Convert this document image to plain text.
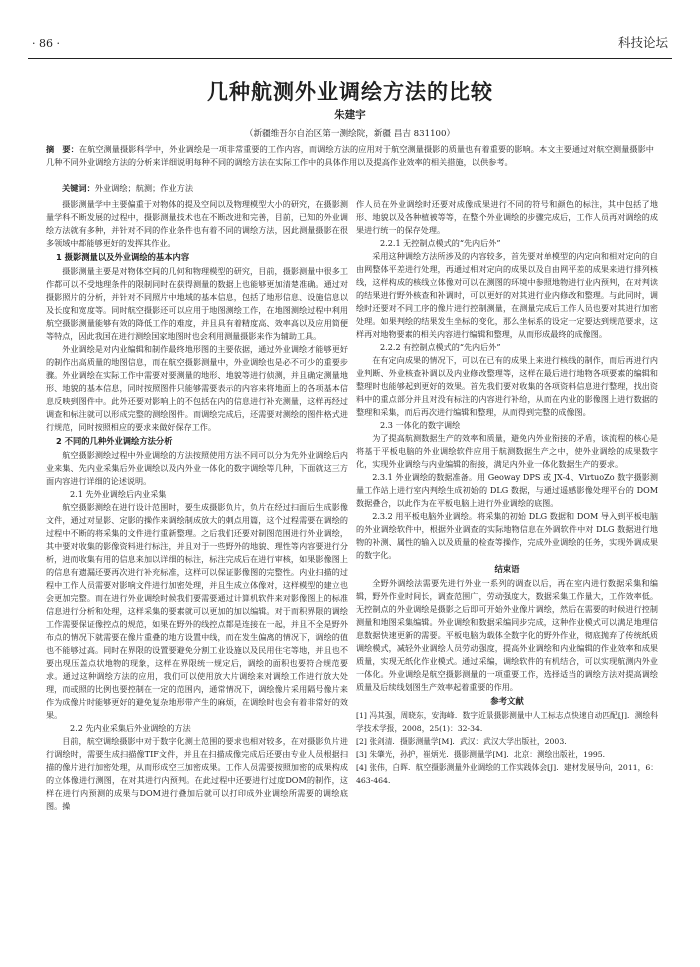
· 86 ·	科技论坛
几种航测外业调绘方法的比较
朱建宇
（新疆维吾尔自治区第一测绘院，新疆 昌吉 831100）
摘　要：在航空测量摄影科学中，外业调绘是一项非常重要的工作内容，而调绘方法的应用对于航空测量摄影的质量也有着重要的影响。本文主要通过对航空测量摄影中几种不同外业调绘方法的分析来详细说明每种不同的调绘方法在实际工作中的具体作用以及提高作业效率的相关措施，以供参考。
关键词：外业调绘；航测；作业方法

摄影测量学中主要偏重于对物体的提及空间以及物理模型大小的研究，在摄影测量学科不断发展的过程中，摄影测量技术也在不断改进和完善，目前，已知的外业调绘方法就有多种，并针对不同的作业条件也有着不同的调绘方法，因此测量摄影在很多领域中都能够更好的发挥其作业。

1 摄影测量以及外业调绘的基本内容

摄影测量主要是对物体空间的几何和物理模型的研究，目前，摄影测量中很多工作都可以不受地理条件的限制同时在获得测量的数据上也能够更加清楚准确。通过对摄影照片的分析，并针对不同照片中地域的基本信息，包括了地形信息、设施信息以及长度和宽度等。同时航空摄影还可以应用于地图测绘工作，在地图测绘过程中利用航空摄影测量能够有效的降低工作的难度，并且具有着精度高、效率高以及应用简便等特点，因此我国在进行测绘国家地图时也会利用测量摄影来作为辅助工具。

外业调绘是对内业编辑和制作最终地形图的主要依据，通过外业调绘才能够更好的制作出高质量的地图信息，而在航空摄影测量中，外业调绘也是必不可少的重要步骤。外业调绘在实际工作中需要对要测量的地形、地貌等进行侦测，并且确定测量地形、地貌的基本信息，同时按照图件只能够需要表示的内容来将地面上的各项基本信息反映到图件中。此外还要对影响上的不包括在内的信息进行补充测量，这样再经过调查和标注就可以形成完整的测绘图件。而调绘完成后，还需要对测绘的图件格式进行规范，同时按照相应的要求来做好保存工作。

2 不同的几种外业调绘方法分析

航空摄影测绘过程中外业调绘的方法按照使用方法不同可以分为先外业调绘后内业来集、先内业采集后外业调绘以及内外业一体化的数字调绘等几种，下面就这三方面内容进行详细的论述说明。

2.1 先外业调绘后内业采集

航空摄影测绘在进行设计范围时，要生成摄影负片，负片在经过扫面后生成影像文件，通过对显影、定影的操作来调绘制成放大的刺点用篇，这个过程需要在调绘的过程中不断的将采集的文件进行重新整理。之后我们还要对制图范围进行外业调绘，其中要对收集的影像资料进行标注，并且对于一些野外的地貌、理性等内容要进行分析，进而收集有用的信息来加以详细的标注，标注完成后在进行审核，如果影像图上的信息有遗漏还要再次进行补充标准，这样可以保证影像图的完整性。内业扫描的过程中工作人员需要对影响文件进行加密处理，并且生成立体像对，这样模型的建立也会更加完整。而在进行外业调绘时候我们要需要通过计算机软件来对影像图上的标准信息进行分析和处理，这样采集的要素就可以更加的加以编辑。对于而积界限的调绘工作需要保证像控点的规范，如果在野外的线控点都是连接在一起，并且不全是野外布点的情况下就需要在像片重叠的地方设置中线，而在发生偏离的情况下，调绘的值也不能够过高。同时在界限的设置要避免分割工业设施以及民用住宅等地，并且也不要出现压盖点状地物的现象，这样在界限统一规定后，调绘的面积也要符合规范要求。通过这种调绘方法的应用，我们可以使用放大片调绘来对调绘工作进行放大处理，而或照的比例也要控制在一定的范围内，通常情况下，调绘像片采用隔号像片来作为成像片时能够更好的避免复杂地形带产生的麻烦，在调绘时也会有着非常好的效果。

2.2 先内业采集后外业调绘的方法

目前，航空调绘摄影中对于数字化测土范围的要求也相对较多，在对摄影负片进行调绘时，需要生成扫描像TIF文件，并且在扫描成像完成后还要由专业人员根据扫描的像片进行加密处理，从而形成空三加密成果。工作人员需要按照加密的成果构成的立体像进行测图，在对其进行内预判。在此过程中还要进行过度DOM的制作，这样在进行内预测的成果与DOM进行叠加后就可以打印成外业调绘所需要的调绘底图。操

作人员在外业调绘时还要对成像成果进行不同的符号和颜色的标注，其中包括了地形、地貌以及各种植被等等，在整个外业调绘的步骤完成后，工作人员再对调绘的成果进行统一的保存处理。

2.2.1 无控制点模式的“先内后外”

采用这种调绘方法所涉及的内容较多，首先要对单模型的内定向和相对定向的自由网整体平差进行处理，再通过相对定向的成果以及自由网平差的成果来进行排列核线，这样构成的核线立体像对可以在测图的环境中参照地物进行业内预判，在对判读的结果进行野外核查和补调时，可以更好的对其进行业内修改和整理。与此同时，调绘时还要对不同工序的像片进行控制测量，在测量完成后工作人员也要对其进行加密处理。如果判绘的结果发生坐标的变化，那么坐标系的设定一定要达到规范要求，这样再对地物要素的相关内容进行编辑和整理，从而形成最终的成像图。

2.2.2 有控制点模式的“先内后外”

在有定向成果的情况下，可以在已有的成果上来进行核线的制作，而后再进行内业判断、外业核查补调以及内业修改整理等，这样在最后进行地物各项要素的编辑和整理时也能够起到更好的效果。首先我们要对收集的各项资料信息进行整理，找出资料中的重点部分并且对没有标注的内容进行补给，从而在内业的影像图上进行数据的整理和采集，而后再次进行编辑和整理，从而得到完整的成像图。

2.3 一体化的数字调绘

为了提高航测数据生产的效率和质量，避免内外业衔接的矛盾，该流程的核心是将基于平板电脑的外业调绘软件应用于航测数据生产之中，使外业调绘的成果数字化，实现外业调绘与内业编辑的衔接，满足内外业一体化数据生产的要求。

2.3.1 外业调绘的数据准备。用 Geoway DPS 或 JX-4、VirtuoZo 数字摄影测量工作站上进行室内判绘生成初始的 DLG 数据，与通过遥感影像处理平台的 DOM 数据叠合，以此作为在平板电脑上进行外业调绘的底图。

2.3.2 用平板电脑外业调绘。将采集的初始 DLG 数据和 DOM 导入到平板电脑的外业调绘软件中，根据外业调查的实际地物信息在外调软件中对 DLG 数据进行地物的补测、属性的输入以及质量的检查等操作，完成外业调绘的任务，实现外调成果的数字化。

结束语

全野外调绘法需要先进行外业一系列的调查以后，再在室内进行数据采集和编辑，野外作业时间长，调查范围广，劳动强度大，数据采集工作量大，工作效率低。无控制点的外业调绘是摄影之后即可开始外业像片调绘，然后在需要的时候进行控制测量和地图采集编辑。外业调绘和数据采编同步完成，这种作业模式可以满足地理信息数据快速更新的需要。平板电脑为载体全数字化的野外作业，彻底抛弃了传统纸质调绘模式，减轻外业调绘人员劳动强度，提高外业调绘和内业编辑的作业效率和成果质量，实现无纸化作业模式。通过采编，调绘软件的有机结合，可以实现航测内外业一体化。外业调绘是航空摄影测量的一项重要工作，选择适当的调绘方法对提高调绘质量及后续线划图生产效率起着重要的作用。

参考文献

[1] 冯其强，周晓东，安海峰．数字近景摄影测量中人工标志点快速自动匹配[J]．测绘科学技术学报，2008，25(1)：32-34．

[2] 张剑清．摄影测量学[M]．武汉：武汉大学出版社，2003．

[3] 朱肇光，孙护，崔炳光．摄影测量学[M]．北京：测绘出版社，1995．

[4] 张伟，白晖．航空摄影测量外业调绘的工作实践体会[J]．建材发展导向，2011，6：463-464．
